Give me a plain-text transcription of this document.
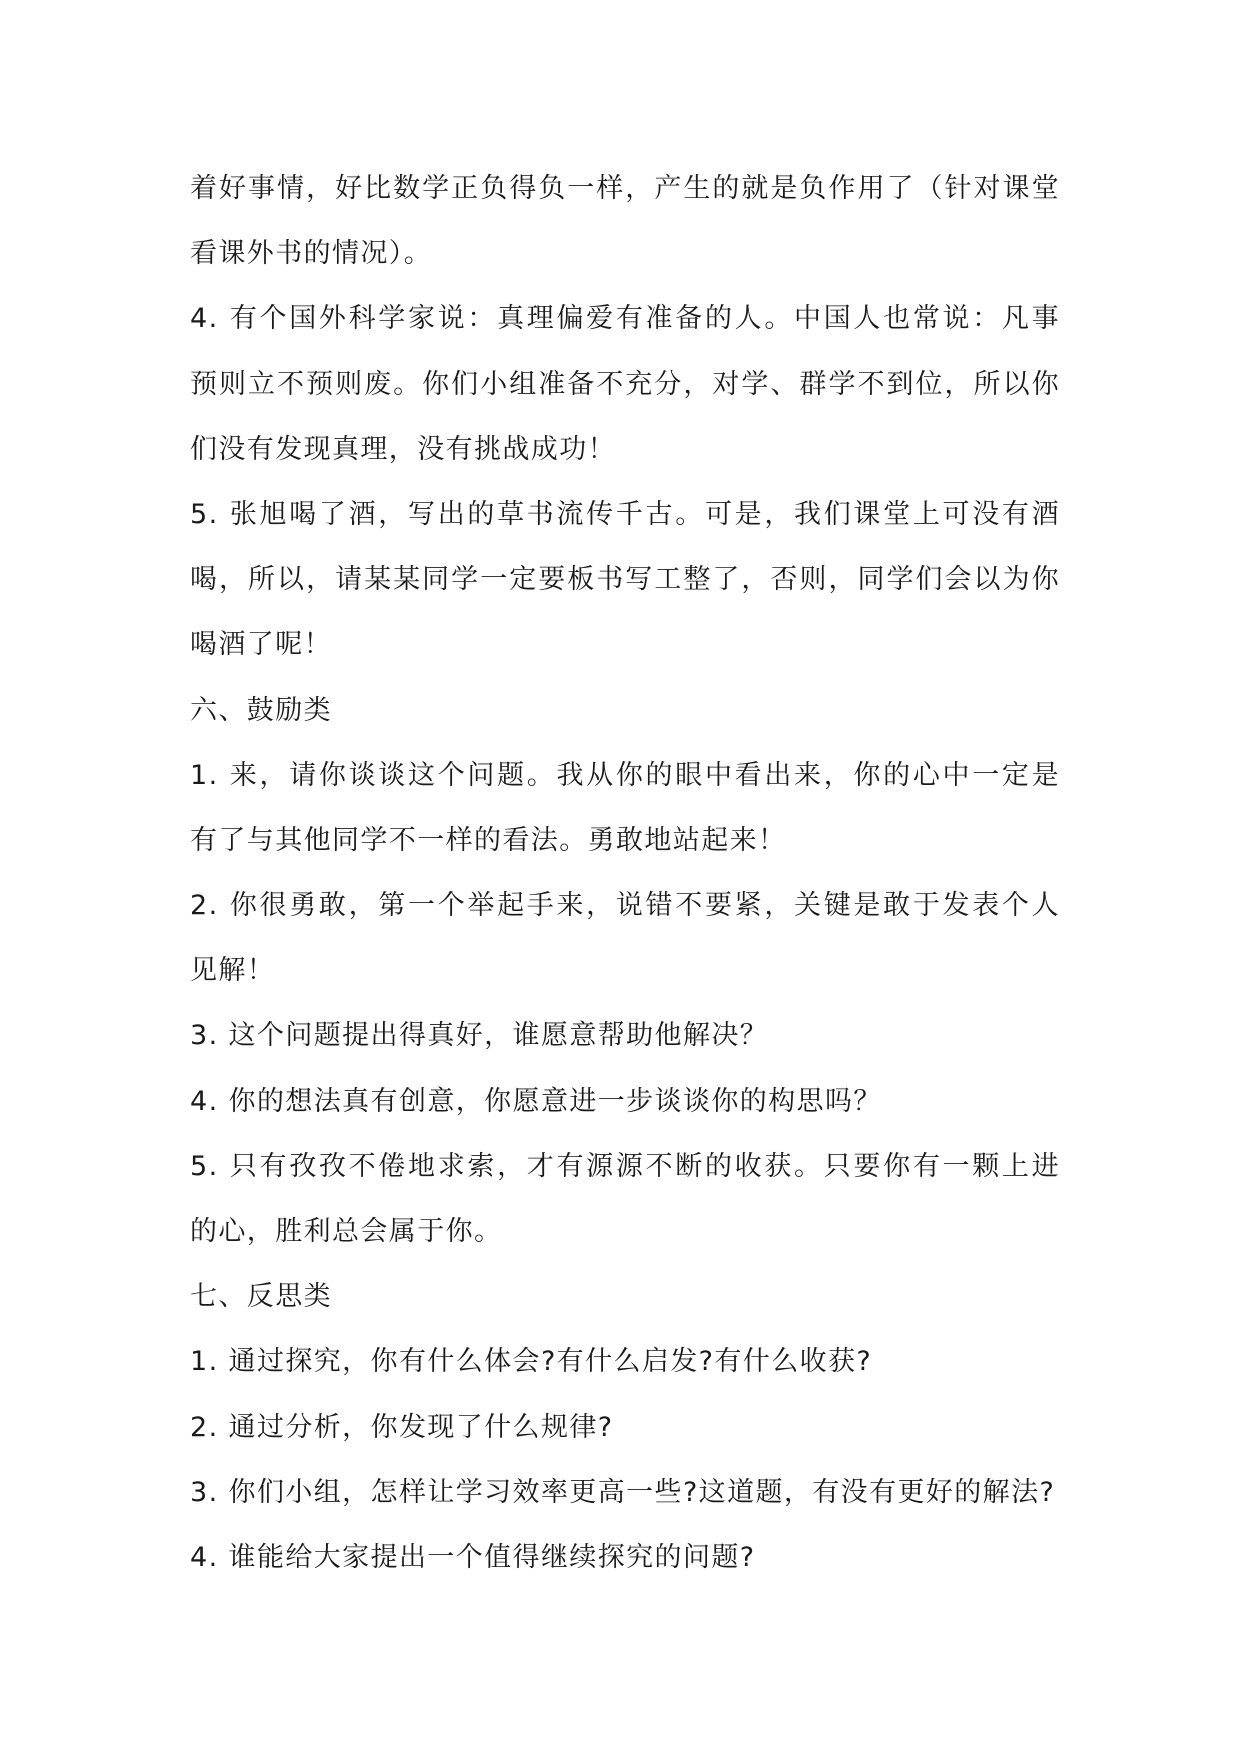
着好事情，好比数学正负得负一样，产生的就是负作用了（针对课堂
看课外书的情况）。
4. 有个国外科学家说：真理偏爱有准备的人。中国人也常说：凡事
预则立不预则废。你们小组准备不充分，对学、群学不到位，所以你
们没有发现真理，没有挑战成功！
5. 张旭喝了酒，写出的草书流传千古。可是，我们课堂上可没有酒
喝，所以，请某某同学一定要板书写工整了，否则，同学们会以为你
喝酒了呢！
六、鼓励类
1. 来，请你谈谈这个问题。我从你的眼中看出来，你的心中一定是
有了与其他同学不一样的看法。勇敢地站起来！
2. 你很勇敢，第一个举起手来，说错不要紧，关键是敢于发表个人
见解！
3. 这个问题提出得真好，谁愿意帮助他解决？
4. 你的想法真有创意，你愿意进一步谈谈你的构思吗？
5. 只有孜孜不倦地求索，才有源源不断的收获。只要你有一颗上进
的心，胜利总会属于你。
七、反思类
1. 通过探究，你有什么体会?有什么启发?有什么收获?
2. 通过分析，你发现了什么规律?
3. 你们小组，怎样让学习效率更高一些?这道题，有没有更好的解法?
4. 谁能给大家提出一个值得继续探究的问题?
